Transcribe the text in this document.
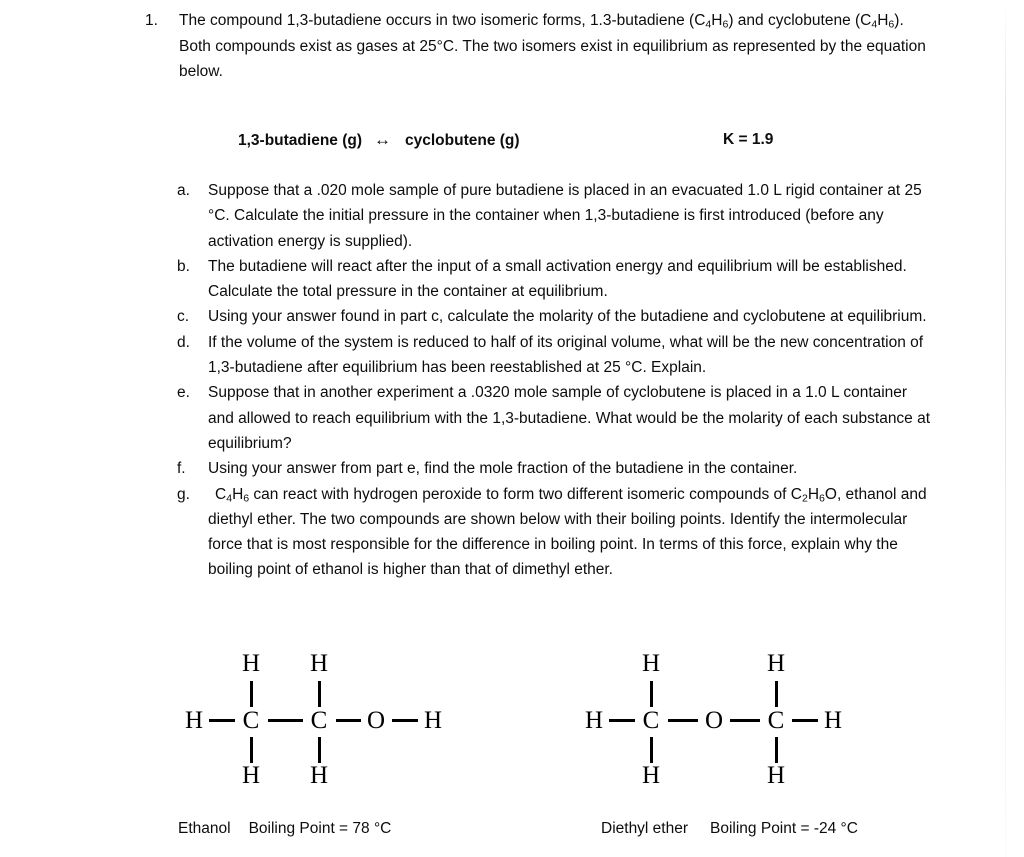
1.	The compound 1,3-butadiene occurs in two isomeric forms, 1.3-butadiene $(C_4H_6)$ and cyclobutene $(C_4H_6)$. Both compounds exist as gases at 25°C. The two isomers exist in equilibrium as represented by the equation below.
1,3-butadiene (g) ↔ cyclobutene (g)	K = 1.9
a.	Suppose that a .020 mole sample of pure butadiene is placed in an evacuated 1.0 L rigid container at 25 °C. Calculate the initial pressure in the container when 1,3-butadiene is first introduced (before any activation energy is supplied).
b.	The butadiene will react after the input of a small activation energy and equilibrium will be established. Calculate the total pressure in the container at equilibrium.
c.	Using your answer found in part c, calculate the molarity of the butadiene and cyclobutene at equilibrium.
d.	If the volume of the system is reduced to half of its original volume, what will be the new concentration of 1,3-butadiene after equilibrium has been reestablished at 25 °C. Explain.
e.	Suppose that in another experiment a .0320 mole sample of cyclobutene is placed in a 1.0 L container and allowed to reach equilibrium with the 1,3-butadiene. What would be the molarity of each substance at equilibrium?
f.	Using your answer from part e, find the mole fraction of the butadiene in the container.
g.	$C_4H_6$ can react with hydrogen peroxide to form two different isomeric compounds of $C_2H_6O$, ethanol and diethyl ether. The two compounds are shown below with their boiling points. Identify the intermolecular force that is most responsible for the difference in boiling point. In terms of this force, explain why the boiling point of ethanol is higher than that of dimethyl ether.
H H
H C C O H
H H
H	H
H C O C H
H	H
Ethanol Boiling Point = 78 °C	Diethyl ether Boiling Point = -24 °C
